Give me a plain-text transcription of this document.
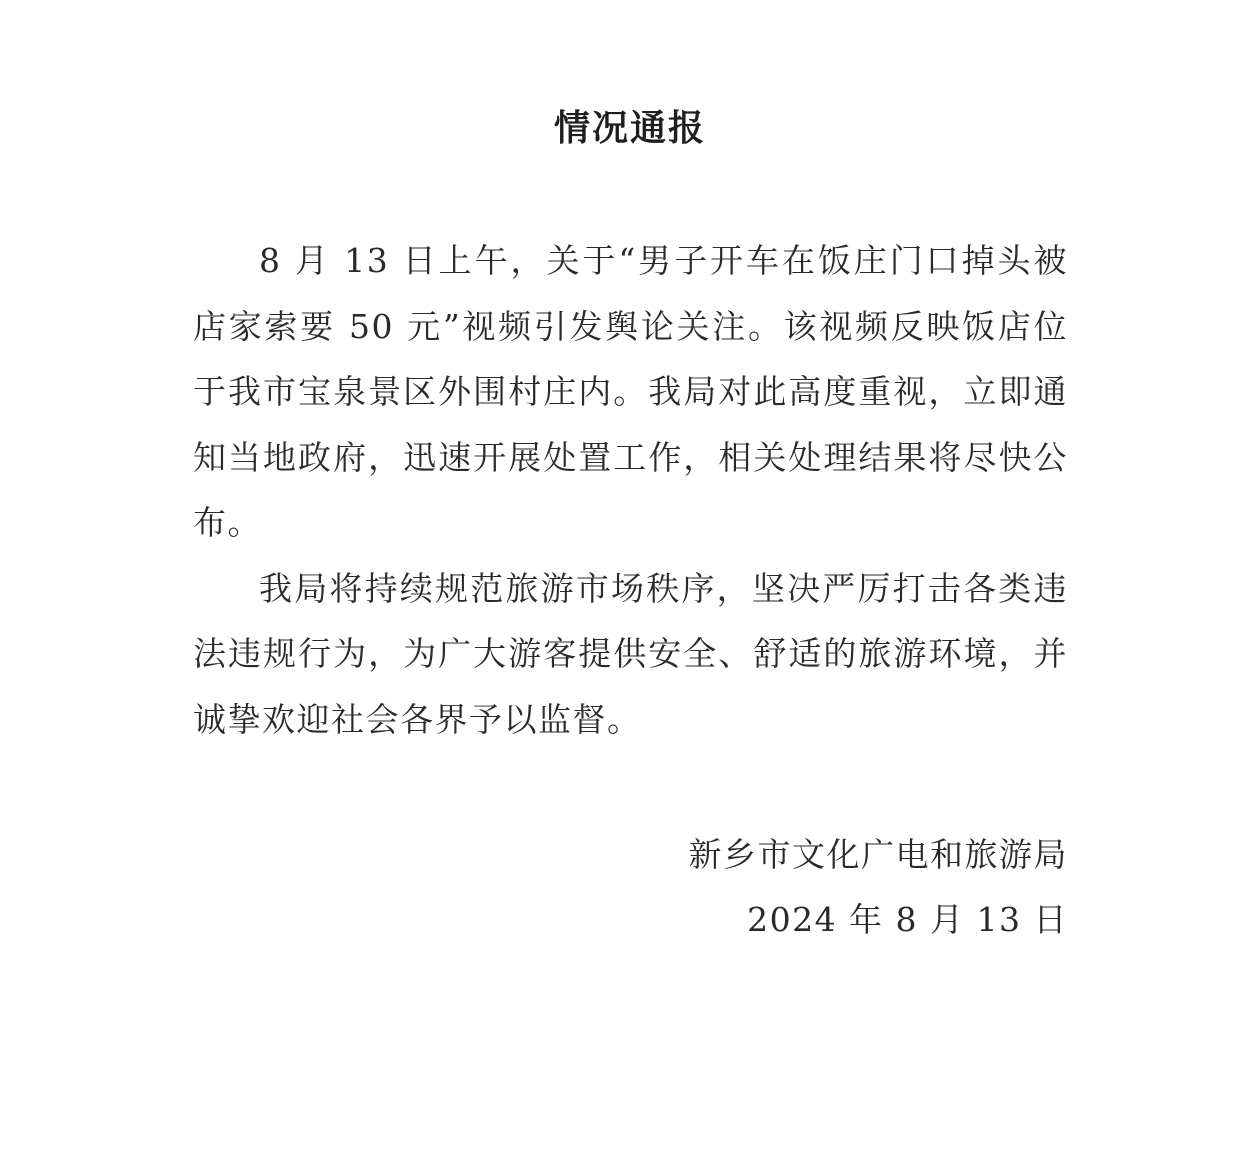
情况通报

8 月 13 日上午，关于“男子开车在饭庄门口掉头被店家索要 50 元”视频引发舆论关注。该视频反映饭店位于我市宝泉景区外围村庄内。我局对此高度重视，立即通知当地政府，迅速开展处置工作，相关处理结果将尽快公布。

我局将持续规范旅游市场秩序，坚决严厉打击各类违法违规行为，为广大游客提供安全、舒适的旅游环境，并诚挚欢迎社会各界予以监督。

新乡市文化广电和旅游局
2024 年 8 月 13 日
